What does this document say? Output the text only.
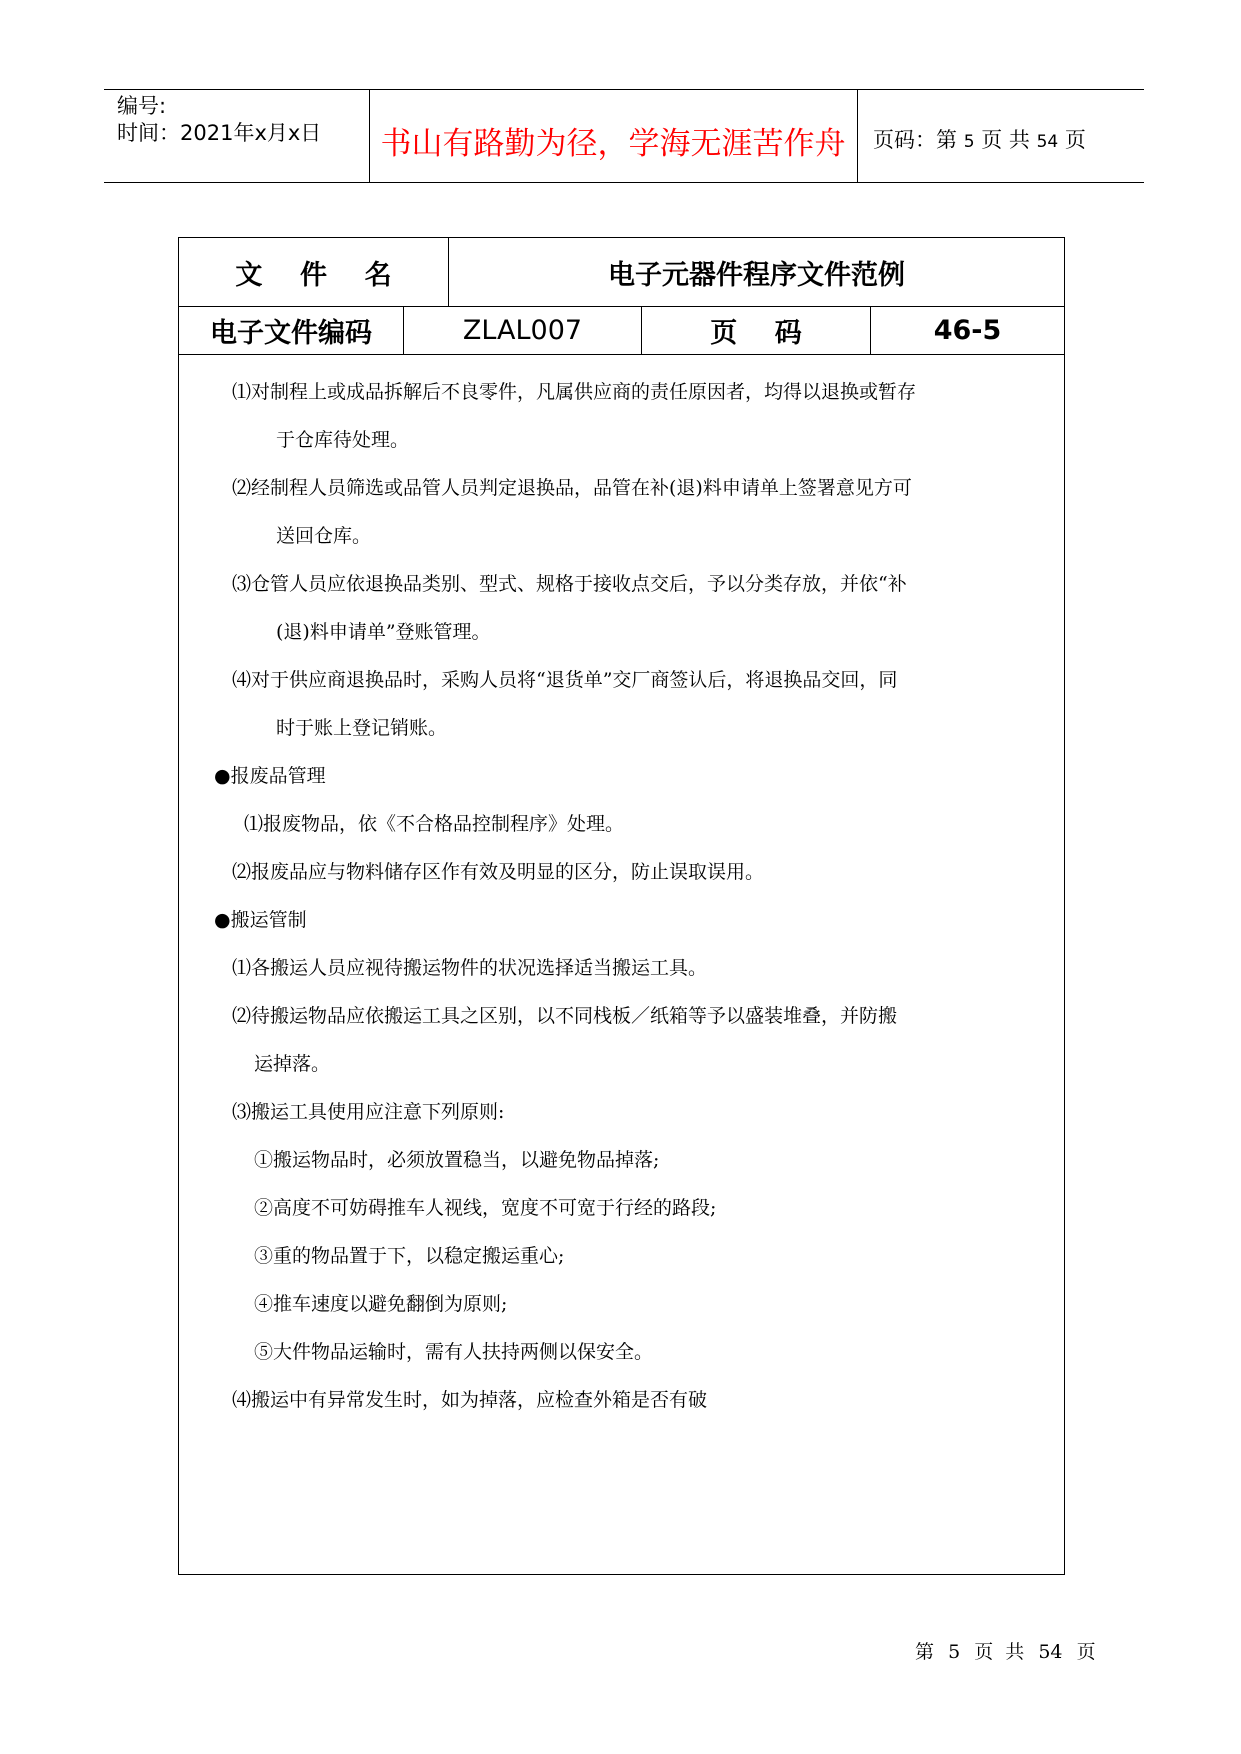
编号:
时间：2021年x月x日	书山有路勤为径，学海无涯苦作舟	页码：第 5 页 共 54 页
文    件    名	电子元器件程序文件范例
电子文件编码	ZLAL007	页    码	46-5
⑴对制程上或成品拆解后不良零件，凡属供应商的责任原因者，均得以退换或暂存
于仓库待处理。
⑵经制程人员筛选或品管人员判定退换品，品管在补(退)料申请单上签署意见方可
送回仓库。
⑶仓管人员应依退换品类别、型式、规格于接收点交后，予以分类存放，并依“补
(退)料申请单”登账管理。
⑷对于供应商退换品时，采购人员将“退货单”交厂商签认后，将退换品交回，同
时于账上登记销账。
●报废品管理
⑴报废物品，依《不合格品控制程序》处理。
⑵报废品应与物料储存区作有效及明显的区分，防止误取误用。
●搬运管制
⑴各搬运人员应视待搬运物件的状况选择适当搬运工具。
⑵待搬运物品应依搬运工具之区别，以不同栈板／纸箱等予以盛装堆叠，并防搬
运掉落。
⑶搬运工具使用应注意下列原则:
①搬运物品时，必须放置稳当，以避免物品掉落;
②高度不可妨碍推车人视线，宽度不可宽于行经的路段;
③重的物品置于下，以稳定搬运重心;
④推车速度以避免翻倒为原则;
⑤大件物品运输时，需有人扶持两侧以保安全。
⑷搬运中有异常发生时，如为掉落，应检查外箱是否有破
第 5 页  共 54 页
